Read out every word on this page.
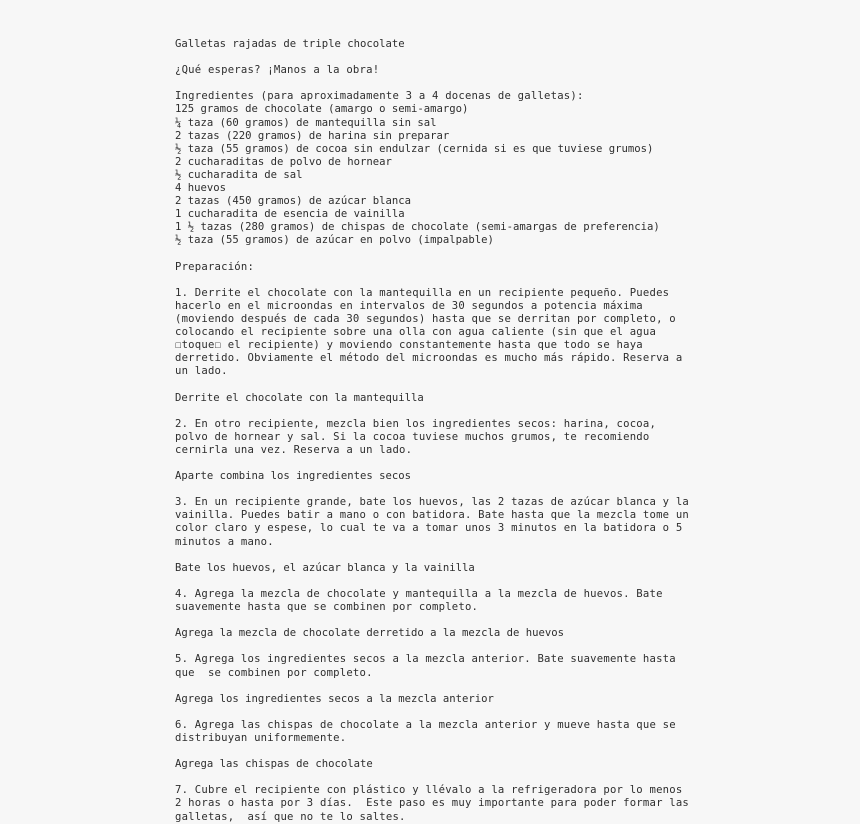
Galletas rajadas de triple chocolate
¿Qué esperas? ¡Manos a la obra!
Ingredientes (para aproximadamente 3 a 4 docenas de galletas):
125 gramos de chocolate (amargo o semi-amargo)
¼ taza (60 gramos) de mantequilla sin sal
2 tazas (220 gramos) de harina sin preparar
½ taza (55 gramos) de cocoa sin endulzar (cernida si es que tuviese grumos)
2 cucharaditas de polvo de hornear
½ cucharadita de sal
4 huevos
2 tazas (450 gramos) de azúcar blanca
1 cucharadita de esencia de vainilla
1 ½ tazas (280 gramos) de chispas de chocolate (semi-amargas de preferencia)
½ taza (55 gramos) de azúcar en polvo (impalpable)
Preparación:
1. Derrite el chocolate con la mantequilla en un recipiente pequeño. Puedes hacerlo en el microondas en intervalos de 30 segundos a potencia máxima (moviendo después de cada 30 segundos) hasta que se derritan por completo, o colocando el recipiente sobre una olla con agua caliente (sin que el agua ☐toque☐ el recipiente) y moviendo constantemente hasta que todo se haya derretido. Obviamente el método del microondas es mucho más rápido. Reserva a un lado.
Derrite el chocolate con la mantequilla
2. En otro recipiente, mezcla bien los ingredientes secos: harina, cocoa, polvo de hornear y sal. Si la cocoa tuviese muchos grumos, te recomiendo cernirla una vez. Reserva a un lado.
Aparte combina los ingredientes secos
3. En un recipiente grande, bate los huevos, las 2 tazas de azúcar blanca y la vainilla. Puedes batir a mano o con batidora. Bate hasta que la mezcla tome un color claro y espese, lo cual te va a tomar unos 3 minutos en la batidora o 5 minutos a mano.
Bate los huevos, el azúcar blanca y la vainilla
4. Agrega la mezcla de chocolate y mantequilla a la mezcla de huevos. Bate suavemente hasta que se combinen por completo.
Agrega la mezcla de chocolate derretido a la mezcla de huevos
5. Agrega los ingredientes secos a la mezcla anterior. Bate suavemente hasta que  se combinen por completo.
Agrega los ingredientes secos a la mezcla anterior
6. Agrega las chispas de chocolate a la mezcla anterior y mueve hasta que se distribuyan uniformemente.
Agrega las chispas de chocolate
7. Cubre el recipiente con plástico y llévalo a la refrigeradora por lo menos 2 horas o hasta por 3 días.  Este paso es muy importante para poder formar las galletas,  así que no te lo saltes.
